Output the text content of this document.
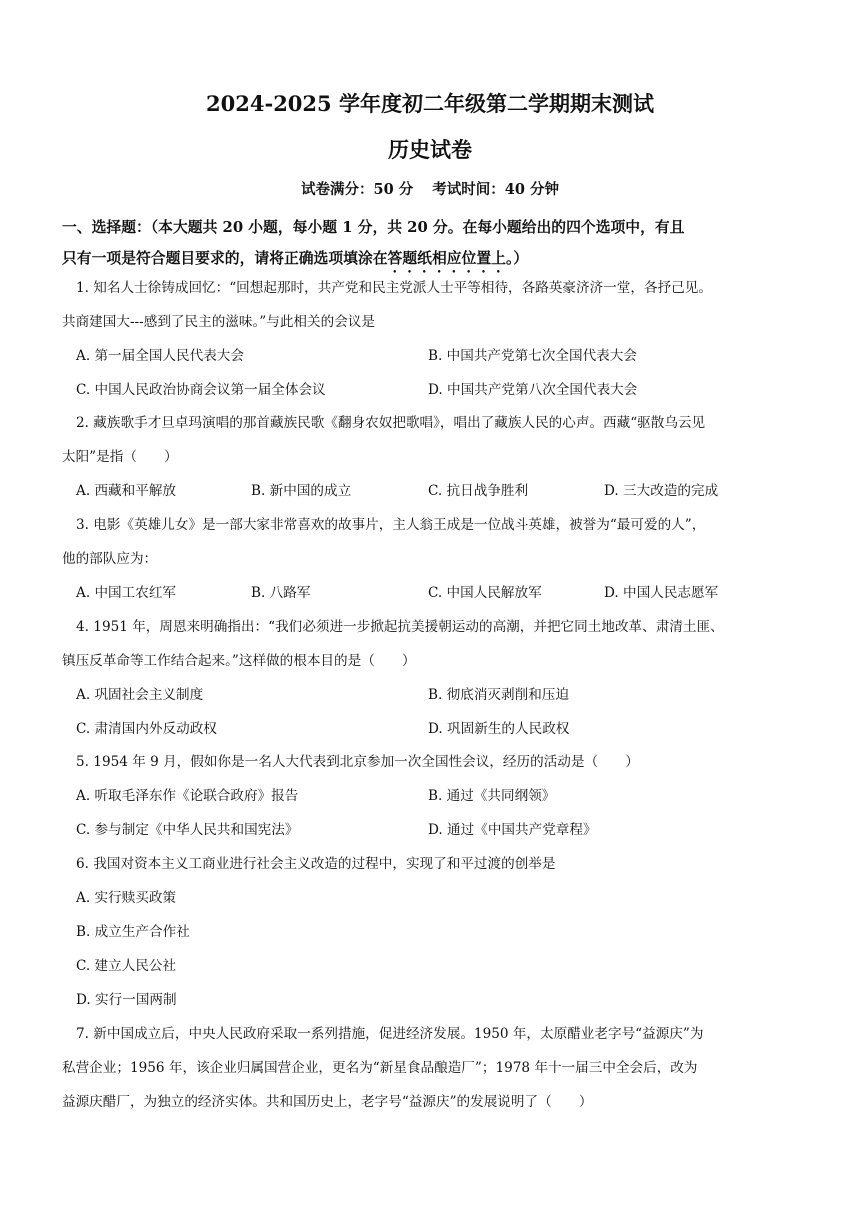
2024-2025 学年度初二年级第二学期期末测试
历史试卷
试卷满分：50 分 考试时间：40 分钟
一、选择题：（本大题共 20 小题，每小题 1 分，共 20 分。在每小题给出的四个选项中，有且
只有一项是符合题目要求的，请将正确选项填涂在答题纸相应位置上。）
1. 知名人士徐铸成回忆：“回想起那时，共产党和民主党派人士平等相待，各路英豪济济一堂，各抒己见。
共商建国大---感到了民主的滋味。”与此相关的会议是
A. 第一届全国人民代表大会	B. 中国共产党第七次全国代表大会
C. 中国人民政治协商会议第一届全体会议	D. 中国共产党第八次全国代表大会
2. 藏族歌手才旦卓玛演唱的那首藏族民歌《翻身农奴把歌唱》，唱出了藏族人民的心声。西藏“驱散乌云见
太阳”是指（　　）
A. 西藏和平解放	B. 新中国的成立	C. 抗日战争胜利	D. 三大改造的完成
3. 电影《英雄儿女》是一部大家非常喜欢的故事片，主人翁王成是一位战斗英雄，被誉为“最可爱的人”，
他的部队应为：
A. 中国工农红军	B. 八路军	C. 中国人民解放军	D. 中国人民志愿军
4. 1951 年，周恩来明确指出：“我们必须进一步掀起抗美援朝运动的高潮，并把它同土地改革、肃清土匪、
镇压反革命等工作结合起来。”这样做的根本目的是（　　）
A. 巩固社会主义制度	B. 彻底消灭剥削和压迫
C. 肃清国内外反动政权	D. 巩固新生的人民政权
5. 1954 年 9 月，假如你是一名人大代表到北京参加一次全国性会议，经历的活动是（　　）
A. 听取毛泽东作《论联合政府》报告	B. 通过《共同纲领》
C. 参与制定《中华人民共和国宪法》	D. 通过《中国共产党章程》
6. 我国对资本主义工商业进行社会主义改造的过程中，实现了和平过渡的创举是
A. 实行赎买政策
B. 成立生产合作社
C. 建立人民公社
D. 实行一国两制
7. 新中国成立后，中央人民政府采取一系列措施，促进经济发展。1950 年，太原醋业老字号“益源庆”为
私营企业；1956 年，该企业归属国营企业，更名为“新星食品酿造厂”；1978 年十一届三中全会后，改为
益源庆醋厂，为独立的经济实体。共和国历史上，老字号“益源庆”的发展说明了（　　）
